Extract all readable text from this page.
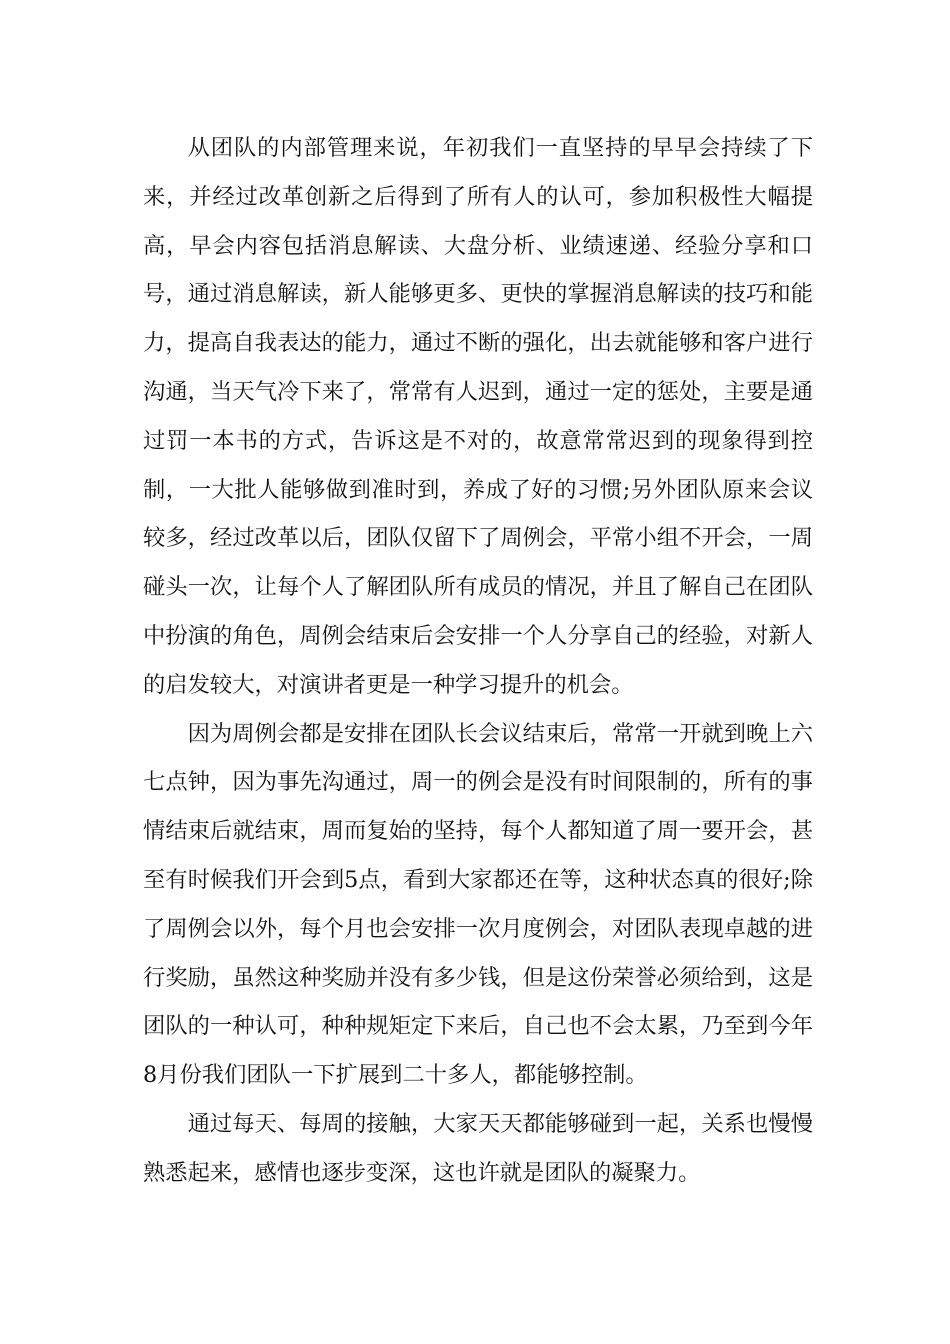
从团队的内部管理来说，年初我们一直坚持的早早会持续了下来，并经过改革创新之后得到了所有人的认可，参加积极性大幅提高，早会内容包括消息解读、大盘分析、业绩速递、经验分享和口号，通过消息解读，新人能够更多、更快的掌握消息解读的技巧和能力，提高自我表达的能力，通过不断的强化，出去就能够和客户进行沟通，当天气冷下来了，常常有人迟到，通过一定的惩处，主要是通过罚一本书的方式，告诉这是不对的，故意常常迟到的现象得到控制，一大批人能够做到准时到，养成了好的习惯;另外团队原来会议较多，经过改革以后，团队仅留下了周例会，平常小组不开会，一周碰头一次，让每个人了解团队所有成员的情况，并且了解自己在团队中扮演的角色，周例会结束后会安排一个人分享自己的经验，对新人的启发较大，对演讲者更是一种学习提升的机会。

因为周例会都是安排在团队长会议结束后，常常一开就到晚上六七点钟，因为事先沟通过，周一的例会是没有时间限制的，所有的事情结束后就结束，周而复始的坚持，每个人都知道了周一要开会，甚至有时候我们开会到5点，看到大家都还在等，这种状态真的很好;除了周例会以外，每个月也会安排一次月度例会，对团队表现卓越的进行奖励，虽然这种奖励并没有多少钱，但是这份荣誉必须给到，这是团队的一种认可，种种规矩定下来后，自己也不会太累，乃至到今年8月份我们团队一下扩展到二十多人，都能够控制。

通过每天、每周的接触，大家天天都能够碰到一起，关系也慢慢熟悉起来，感情也逐步变深，这也许就是团队的凝聚力。
